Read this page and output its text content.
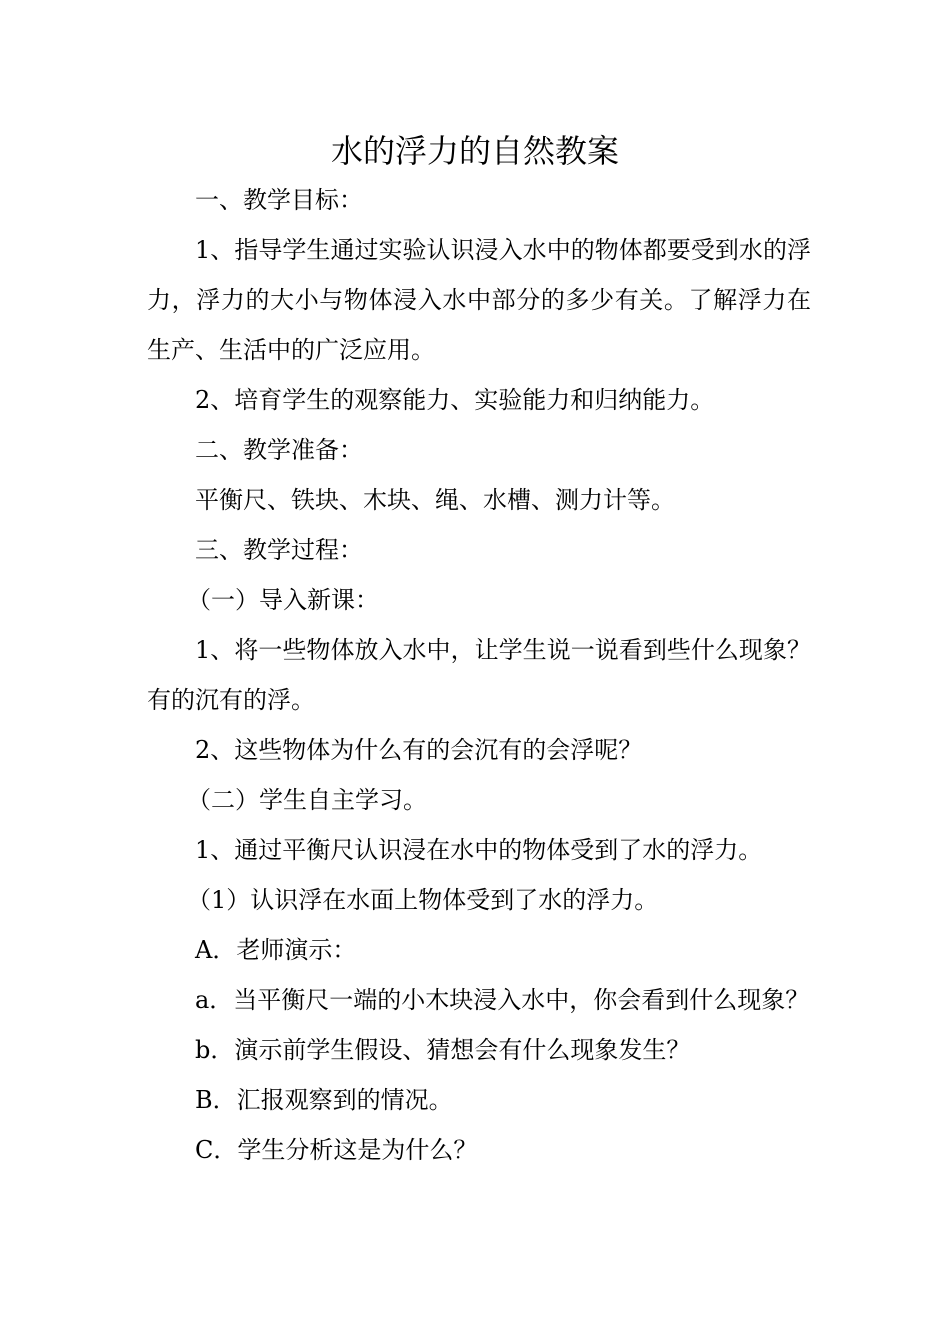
水的浮力的自然教案

一、教学目标：

1、指导学生通过实验认识浸入水中的物体都要受到水的浮力，浮力的大小与物体浸入水中部分的多少有关。了解浮力在生产、生活中的广泛应用。

2、培育学生的观察能力、实验能力和归纳能力。

二、教学准备：

平衡尺、铁块、木块、绳、水槽、测力计等。

三、教学过程：

（一）导入新课：

1、将一些物体放入水中，让学生说一说看到些什么现象？有的沉有的浮。

2、这些物体为什么有的会沉有的会浮呢？

（二）学生自主学习。

1、通过平衡尺认识浸在水中的物体受到了水的浮力。

（1）认识浮在水面上物体受到了水的浮力。

A．老师演示：

a．当平衡尺一端的小木块浸入水中，你会看到什么现象？

b．演示前学生假设、猜想会有什么现象发生？

B．汇报观察到的情况。

C．学生分析这是为什么？
